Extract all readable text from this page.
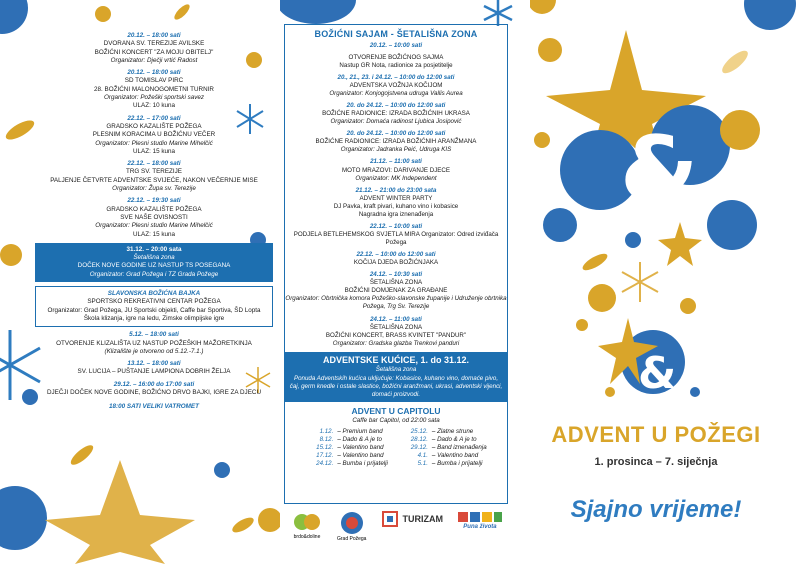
&
&
20.12. – 18:00 sati
DVORANA SV. TEREZIJE AVILSKE
BOŽIĆNI KONCERT "ZA MOJU OBITELJ"
Organizator: Dječji vrtić Radost
20.12. – 18:00 sati
SD TOMISLAV PIRC
28. BOŽIĆNI MALONOGOMETNI TURNIR
Organizator: Požeški sportski savez
ULAZ: 10 kuna
22.12. – 17:00 sati
GRADSKO KAZALIŠTE POŽEGA
PLESNIM KORACIMA U BOŽIĆNU VEČER
Organizator: Plesni studio Marine Mihelčić
ULAZ: 15 kuna
22.12. – 18:00 sati
TRG SV. TEREZIJE
PALJENJE ČETVRTE ADVENTSKE SVIJEĆE, NAKON VEČERNJE MISE
Organizator: Župa sv. Terezije
22.12. – 19:30 sati
GRADSKO KAZALIŠTE POŽEGA
SVE NAŠE OVISNOSTI
Organizator: Plesni studio Marine Mihelčić
ULAZ: 15 kuna
31.12. – 20:00 sata
Šetališna zona
DOČEK NOVE GODINE UZ NASTUP TS POSEGANA
Organizator: Grad Požega i TZ Grada Požege
SLAVONSKA BOŽIĆNA BAJKA
SPORTSKO REKREATIVNI CENTAR POŽEGA
Organizator: Grad Požega, JU Sportski objekti, Caffe bar Sportiva, ŠD Lopta
Škola klizanja, igre na ledu, Zimske olimpijske igre
5.12. – 18:00 sati
OTVORENJE KLIZALIŠTA UZ NASTUP POŽEŠKIH MAŽORETKINJA
(Klizalište je otvoreno od 5.12.-7.1.)
13.12. – 18:00 sati
SV. LUCIJA – PUŠTANJE LAMPIONA DOBRIH ŽELJA
29.12. – 16:00 do 17:00 sati
DJEČJI DOČEK NOVE GODINE, BOŽIĆNO DRVO BAJKI, IGRE ZA DJECU
18:00 SATI VELIKI VATROMET
BOŽIĆNI SAJAM - ŠETALIŠNA ZONA
20.12. – 10:00 sati
OTVORENJE BOŽIĆNOG SAJMA
Nastup GR Nota, radionice za posjetitelje
20., 21., 23. i 24.12. – 10:00 do 12:00 sati
ADVENTSKA VOŽNJA KOČIJOM
Organizator: Konjogojstvena udruga Vallis Aurea
20. do 24.12. – 10:00 do 12:00 sati
BOŽIĆNE RADIONICE: IZRADA BOŽIĆNIH UKRASA
Organizator: Domaća radinost Ljubica Josipović
20. do 24.12. – 10:00 do 12:00 sati
BOŽIĆNE RADIONICE: IZRADA BOŽIĆNIH ARANŽMANA
Organizator: Jadranka Peić, Udruga KIS
21.12. – 11:00 sati
MOTO MRAZOVI: DARIVANJE DJECE
Organizator: MK Independent
21.12. – 21:00 do 23:00 sata
ADVENT WINTER PARTY
DJ Pavka, kraft pivari, kuhano vino i kobasice
Nagradna igra iznenađenja
22.12. – 10:00 sati
PODJELA BETLEHEMSKOG SVJETLA MIRA Organizator: Odred izviđača Požega
22.12. – 10:00 do 12:00 sati
KOČIJA DJEDA BOŽIĆNJAKA
24.12. – 10:30 sati
ŠETALIŠNA ZONA
BOŽIĆNI DOMJENAK ZA GRAĐANE
Organizator: Obrtnička komora Požeško-slavonske županije i Udruženje obrtnika Požega, Trg Sv. Terezije
24.12. – 11:00 sati
ŠETALIŠNA ZONA
BOŽIĆNI KONCERT, BRASS KVINTET "PANDUR"
Organizator: Gradska glazba Trenkovi panduri
ADVENTSKE KUĆICE, 1. do 31.12.
Šetališna zona
Ponuda Adventskih kućica uključuje: Kobasice, kuhano vino, domaće pivo, čaj, germ knedle i ostale slastice, božićni aranžmani, ukrasi, adventski vijenci, domaći proizvodi.
ADVENT U CAPITOLU
Caffe bar Capitol, od 22:00 sata
1.12. – Premium band
8.12. – Dado & A je to
15.12. – Valentino band
17.12. – Valentino band
24.12. – Bumba i prijatelji
25.12. – Zlatne strune
28.12. – Dado & A je to
29.12. – Band iznenađenja
4.1. – Valentino band
5.1. – Bumba i prijatelji
brdo&doline	Grad Požega
TURIZAM
Puna života
ADVENT U POŽEGI
1. prosinca – 7. siječnja
Sjajno vrijeme!
